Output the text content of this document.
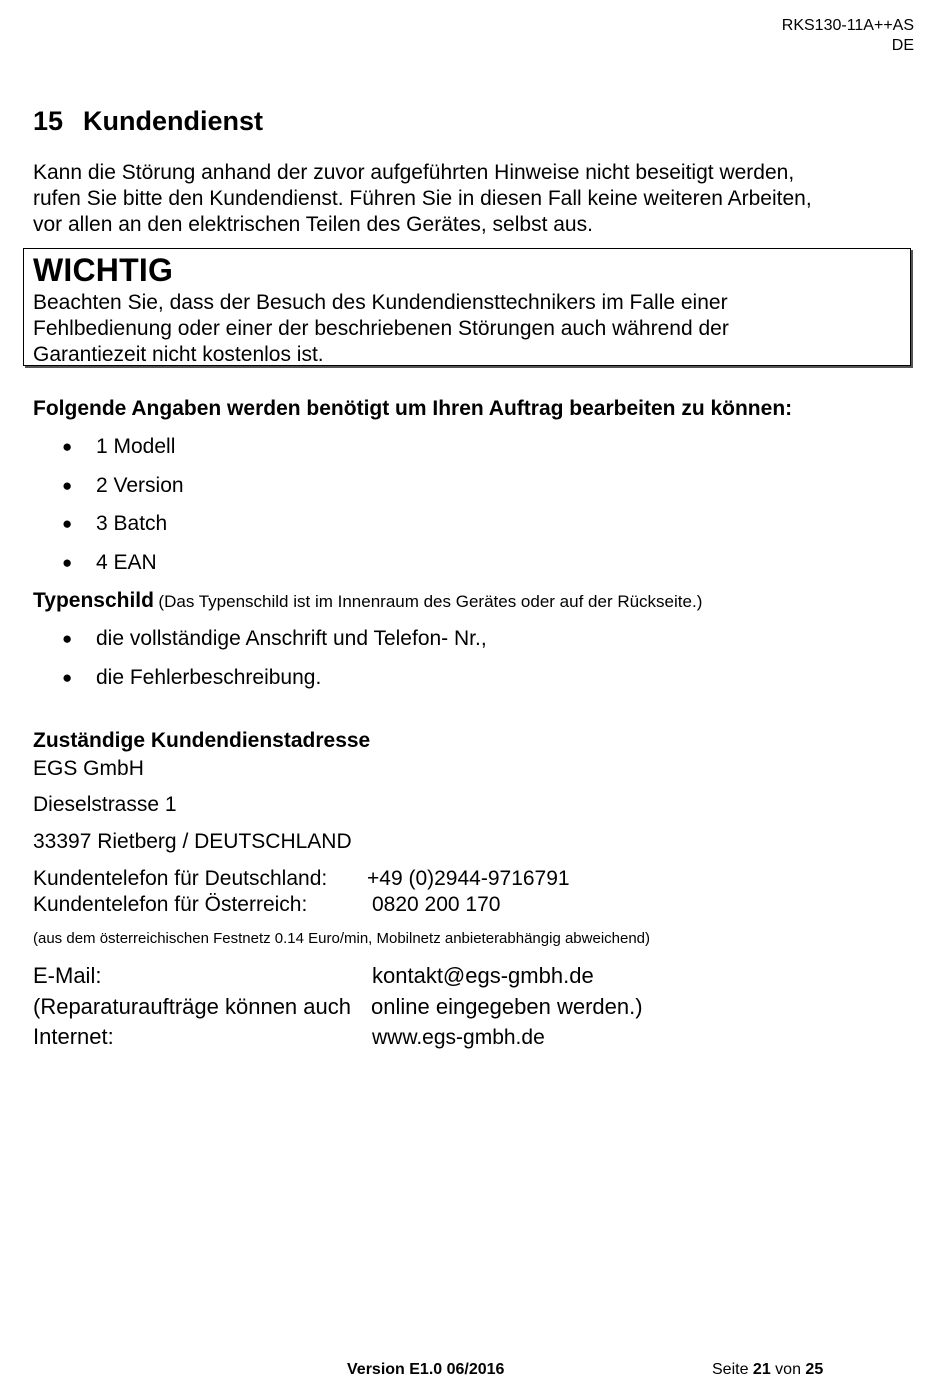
RKS130-11A++AS
DE
15 Kundendienst
Kann die Störung anhand der zuvor aufgeführten Hinweise nicht beseitigt werden,
rufen Sie bitte den Kundendienst. Führen Sie in diesen Fall keine weiteren Arbeiten,
vor allen an den elektrischen Teilen des Gerätes, selbst aus.
WICHTIG
Beachten Sie, dass der Besuch des Kundendiensttechnikers im Falle einer
Fehlbedienung oder einer der beschriebenen Störungen auch während der
Garantiezeit nicht kostenlos ist.
Folgende Angaben werden benötigt um Ihren Auftrag bearbeiten zu können:
● 1 Modell
● 2 Version
● 3 Batch
● 4 EAN
Typenschild (Das Typenschild ist im Innenraum des Gerätes oder auf der Rückseite.)
● die vollständige Anschrift und Telefon- Nr.,
● die Fehlerbeschreibung.
Zuständige Kundendienstadresse
EGS GmbH
Dieselstrasse 1
33397 Rietberg / DEUTSCHLAND
Kundentelefon für Deutschland: +49 (0)2944-9716791
Kundentelefon für Österreich:	0820 200 170
(aus dem österreichischen Festnetz 0.14 Euro/min, Mobilnetz anbieterabhängig abweichend)
E-Mail:	kontakt@egs-gmbh.de
(Reparaturaufträge können auch online eingegeben werden.)
Internet:	www.egs-gmbh.de
Version E1.0 06/2016	Seite 21 von 25
